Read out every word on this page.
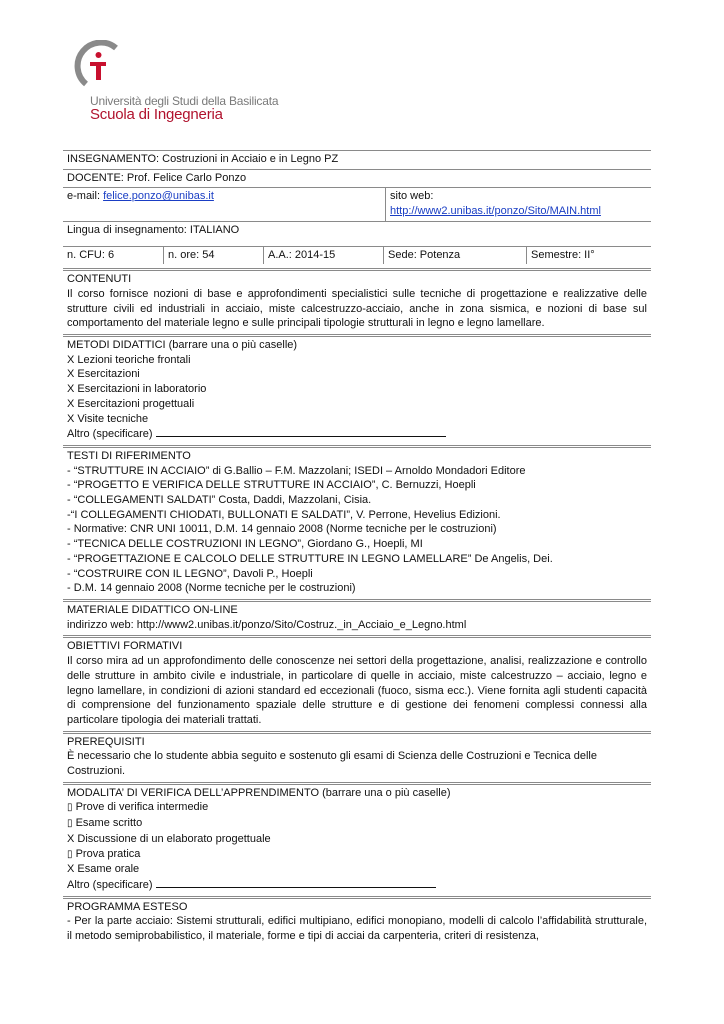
Università degli Studi della Basilicata
Scuola di Ingegneria
INSEGNAMENTO: Costruzioni in Acciaio e in Legno PZ
DOCENTE: Prof. Felice Carlo Ponzo
e-mail: felice.ponzo@unibas.it	sito web:
http://www2.unibas.it/ponzo/Sito/MAIN.html
Lingua di insegnamento: ITALIANO
n. CFU: 6	n. ore: 54	A.A.: 2014-15	Sede: Potenza	Semestre: II°
CONTENUTI
Il corso fornisce nozioni di base e approfondimenti specialistici sulle tecniche di progettazione e realizzative delle strutture civili ed industriali in acciaio, miste calcestruzzo-acciaio, anche in zona sismica, e nozioni di base sul comportamento del materiale legno e sulle principali tipologie strutturali in legno e legno lamellare.
METODI DIDATTICI (barrare una o più caselle)
X Lezioni teoriche frontali
X Esercitazioni
X Esercitazioni in laboratorio
X Esercitazioni progettuali
X Visite tecniche
Altro (specificare)
TESTI DI RIFERIMENTO
- “STRUTTURE IN ACCIAIO” di G.Ballio – F.M. Mazzolani; ISEDI – Arnoldo Mondadori Editore
- “PROGETTO E VERIFICA DELLE STRUTTURE IN ACCIAIO”, C. Bernuzzi, Hoepli
- “COLLEGAMENTI SALDATI” Costa, Daddi, Mazzolani, Cisia.
-“I COLLEGAMENTI CHIODATI, BULLONATI E SALDATI”, V. Perrone, Hevelius Edizioni.
- Normative: CNR UNI 10011, D.M. 14 gennaio 2008 (Norme tecniche per le costruzioni)
- “TECNICA DELLE COSTRUZIONI IN LEGNO”, Giordano G., Hoepli, MI
- “PROGETTAZIONE E CALCOLO DELLE STRUTTURE IN LEGNO LAMELLARE” De Angelis, Dei.
- “COSTRUIRE CON IL LEGNO”, Davoli P., Hoepli
- D.M. 14 gennaio 2008 (Norme tecniche per le costruzioni)
MATERIALE DIDATTICO ON-LINE
indirizzo web: http://www2.unibas.it/ponzo/Sito/Costruz._in_Acciaio_e_Legno.html
OBIETTIVI FORMATIVI
Il corso mira ad un approfondimento delle conoscenze nei settori della progettazione, analisi, realizzazione e controllo delle strutture in ambito civile e industriale, in particolare di quelle in acciaio, miste calcestruzzo – acciaio, legno e legno lamellare, in condizioni di azioni standard ed eccezionali (fuoco, sisma ecc.). Viene fornita agli studenti capacità di comprensione del funzionamento spaziale delle strutture e di gestione dei fenomeni complessi connessi alla particolare tipologia dei materiali trattati.
PREREQUISITI
È necessario che lo studente abbia seguito e sostenuto gli esami di Scienza delle Costruzioni e Tecnica delle Costruzioni.
MODALITA’ DI VERIFICA DELL’APPRENDIMENTO (barrare una o più caselle)
▯ Prove di verifica intermedie
▯ Esame scritto
X Discussione di un elaborato progettuale
▯ Prova pratica
X Esame orale
Altro (specificare)
PROGRAMMA ESTESO
- Per la parte acciaio: Sistemi strutturali, edifici multipiano, edifici monopiano, modelli di calcolo l’affidabilità strutturale, il metodo semiprobabilistico, il materiale, forme e tipi di acciai da carpenteria, criteri di resistenza,
